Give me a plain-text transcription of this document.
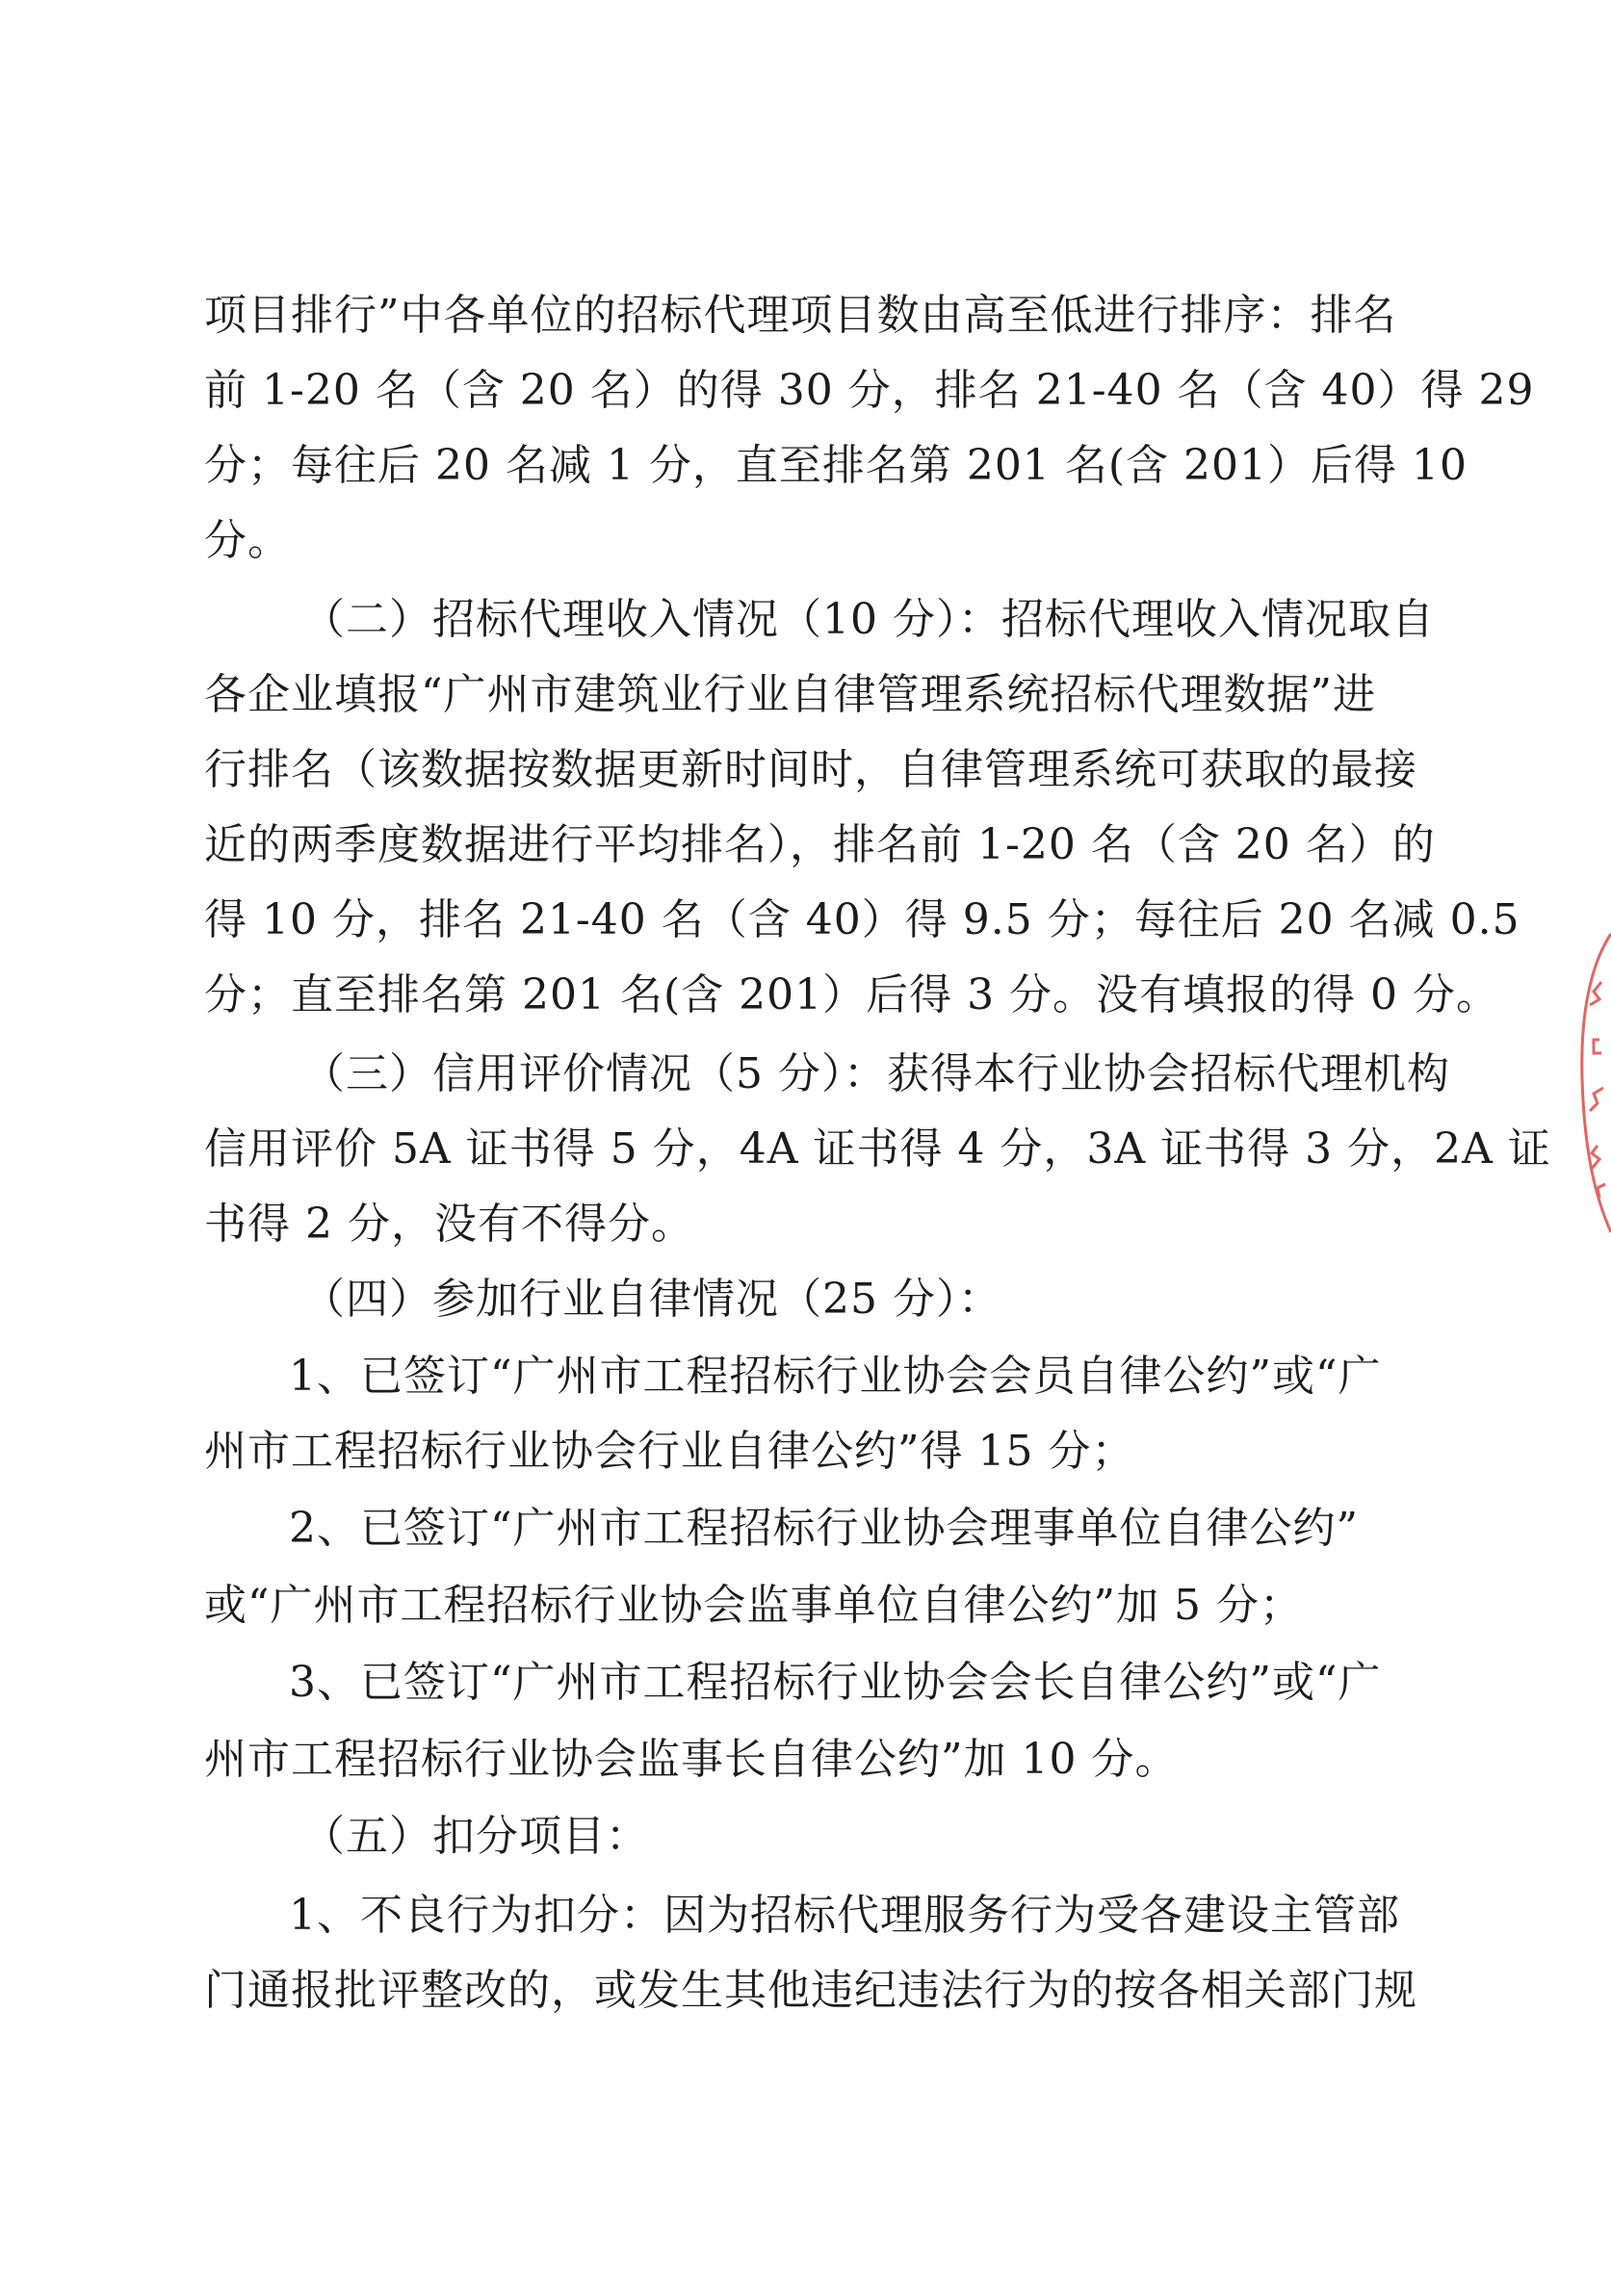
项目排行”中各单位的招标代理项目数由高至低进行排序：排名
前 1-20 名（含 20 名）的得 30 分，排名 21-40 名（含 40）得 29
分；每往后 20 名减 1 分，直至排名第 201 名(含 201）后得 10
分。
（二）招标代理收入情况（10 分）：招标代理收入情况取自
各企业填报“广州市建筑业行业自律管理系统招标代理数据”进
行排名（该数据按数据更新时间时，自律管理系统可获取的最接
近的两季度数据进行平均排名），排名前 1-20 名（含 20 名）的
得 10 分，排名 21-40 名（含 40）得 9.5 分；每往后 20 名减 0.5
分；直至排名第 201 名(含 201）后得 3 分。没有填报的得 0 分。
（三）信用评价情况（5 分）：获得本行业协会招标代理机构
信用评价 5A 证书得 5 分，4A 证书得 4 分，3A 证书得 3 分，2A 证
书得 2 分，没有不得分。
（四）参加行业自律情况（25 分）：
1、已签订“广州市工程招标行业协会会员自律公约”或“广
州市工程招标行业协会行业自律公约”得 15 分；
2、已签订“广州市工程招标行业协会理事单位自律公约”
或“广州市工程招标行业协会监事单位自律公约”加 5 分；
3、已签订“广州市工程招标行业协会会长自律公约”或“广
州市工程招标行业协会监事长自律公约”加 10 分。
（五）扣分项目：
1、不良行为扣分：因为招标代理服务行为受各建设主管部
门通报批评整改的，或发生其他违纪违法行为的按各相关部门规
